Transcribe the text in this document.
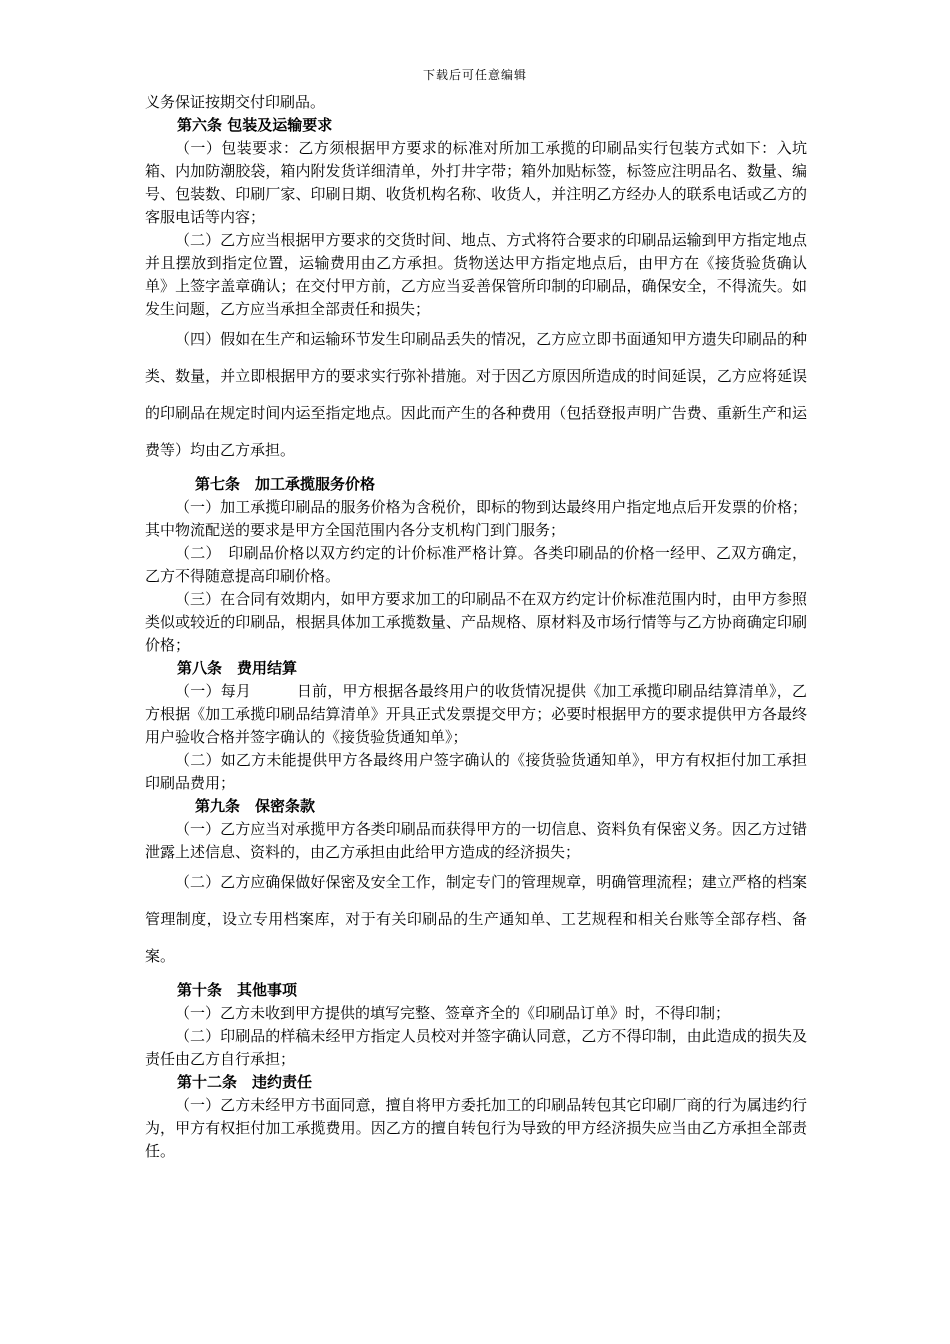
下载后可任意编辑

义务保证按期交付印刷品。

第六条 包装及运输要求

（一）包装要求：乙方须根据甲方要求的标准对所加工承揽的印刷品实行包装方式如下：入坑箱、内加防潮胶袋，箱内附发货详细清单，外打井字带；箱外加贴标签，标签应注明品名、数量、编号、包装数、印刷厂家、印刷日期、收货机构名称、收货人，并注明乙方经办人的联系电话或乙方的客服电话等内容；

（二）乙方应当根据甲方要求的交货时间、地点、方式将符合要求的印刷品运输到甲方指定地点并且摆放到指定位置，运输费用由乙方承担。货物送达甲方指定地点后，由甲方在《接货验货确认单》上签字盖章确认；在交付甲方前，乙方应当妥善保管所印制的印刷品，确保安全，不得流失。如发生问题，乙方应当承担全部责任和损失；

（四）假如在生产和运输环节发生印刷品丢失的情况，乙方应立即书面通知甲方遗失印刷品的种类、数量，并立即根据甲方的要求实行弥补措施。对于因乙方原因所造成的时间延误，乙方应将延误的印刷品在规定时间内运至指定地点。因此而产生的各种费用（包括登报声明广告费、重新生产和运费等）均由乙方承担。

第七条　加工承揽服务价格

（一）加工承揽印刷品的服务价格为含税价，即标的物到达最终用户指定地点后开发票的价格；其中物流配送的要求是甲方全国范围内各分支机构门到门服务；

（二）　印刷品价格以双方约定的计价标准严格计算。各类印刷品的价格一经甲、乙双方确定，乙方不得随意提高印刷价格。

（三）在合同有效期内，如甲方要求加工的印刷品不在双方约定计价标准范围内时，由甲方参照类似或较近的印刷品，根据具体加工承揽数量、产品规格、原材料及市场行情等与乙方协商确定印刷价格；

第八条　费用结算

（一）每月　　　日前，甲方根据各最终用户的收货情况提供《加工承揽印刷品结算清单》，乙方根据《加工承揽印刷品结算清单》开具正式发票提交甲方；必要时根据甲方的要求提供甲方各最终用户验收合格并签字确认的《接货验货通知单》；

（二）如乙方未能提供甲方各最终用户签字确认的《接货验货通知单》，甲方有权拒付加工承担印刷品费用；

第九条　保密条款

（一）乙方应当对承揽甲方各类印刷品而获得甲方的一切信息、资料负有保密义务。因乙方过错泄露上述信息、资料的，由乙方承担由此给甲方造成的经济损失；

（二）乙方应确保做好保密及安全工作，制定专门的管理规章，明确管理流程；建立严格的档案管理制度，设立专用档案库，对于有关印刷品的生产通知单、工艺规程和相关台账等全部存档、备案。

第十条　其他事项

（一）乙方未收到甲方提供的填写完整、签章齐全的《印刷品订单》时，不得印制；

（二）印刷品的样稿未经甲方指定人员校对并签字确认同意，乙方不得印制，由此造成的损失及责任由乙方自行承担；

第十二条　违约责任

（一）乙方未经甲方书面同意，擅自将甲方委托加工的印刷品转包其它印刷厂商的行为属违约行为，甲方有权拒付加工承揽费用。因乙方的擅自转包行为导致的甲方经济损失应当由乙方承担全部责任。
